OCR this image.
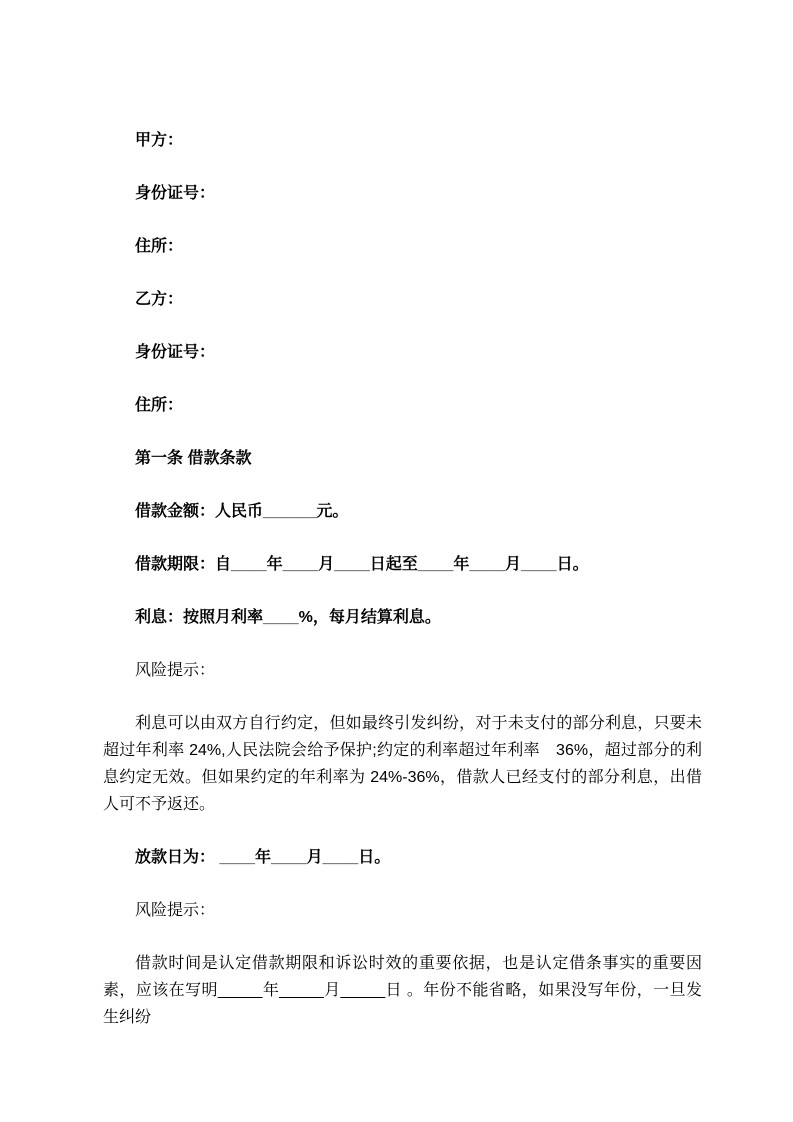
甲方：

身份证号：

住所：

乙方：

身份证号：

住所：

第一条 借款条款

借款金额：人民币______元。

借款期限：自____年____月____日起至____年____月____日。

利息：按照月利率____%，每月结算利息。

风险提示：

利息可以由双方自行约定，但如最终引发纠纷，对于未支付的部分利息，只要未超过年利率 24%,人民法院会给予保护;约定的利率超过年利率　36%，超过部分的利息约定无效。但如果约定的年利率为 24%-36%，借款人已经支付的部分利息，出借人可不予返还。

放款日为： ____年____月____日。

风险提示：

借款时间是认定借款期限和诉讼时效的重要依据，也是认定借条事实的重要因素，应该在写明_____年_____月_____日 。年份不能省略，如果没写年份，一旦发生纠纷
